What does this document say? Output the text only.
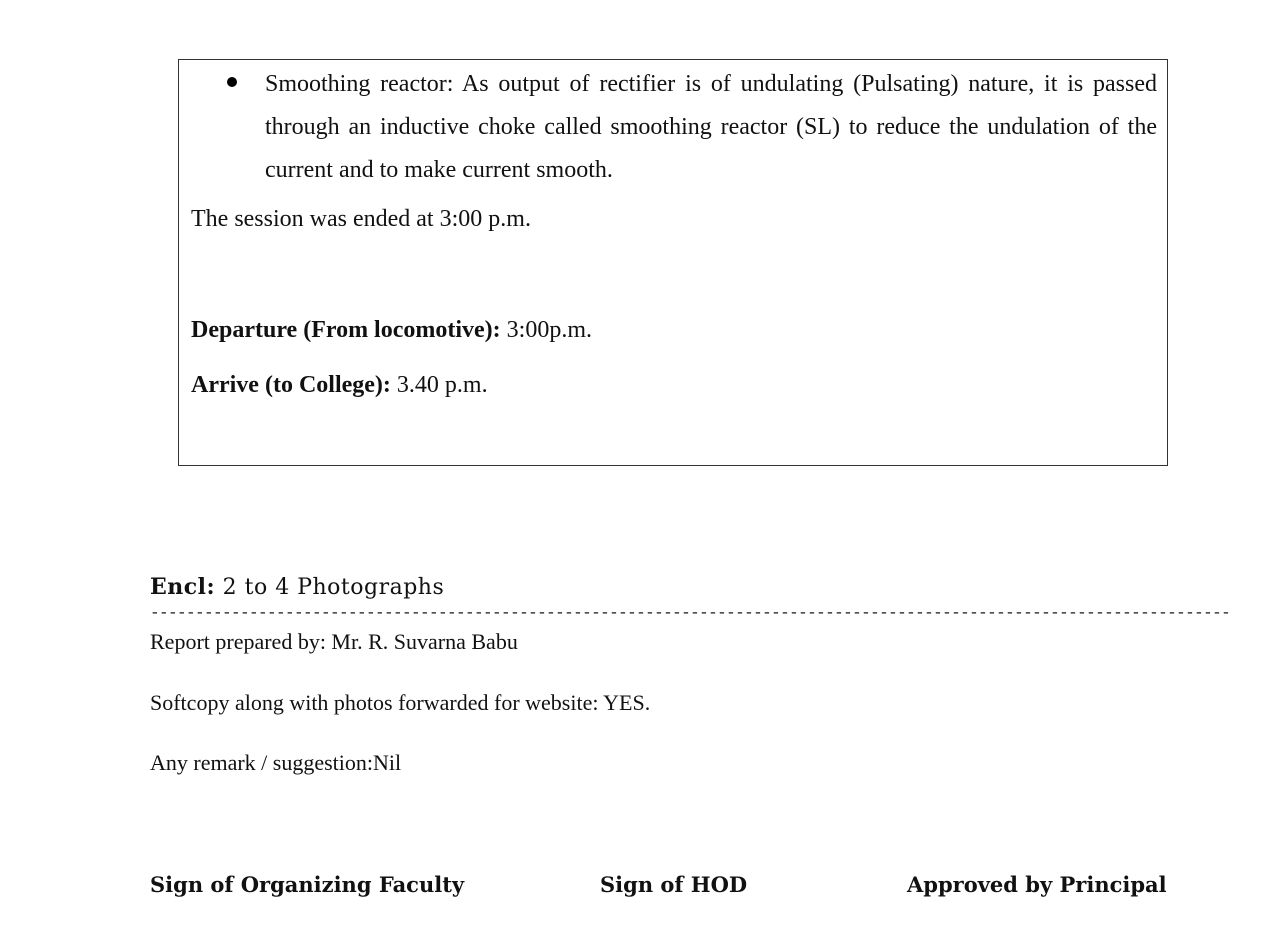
Smoothing reactor: As output of rectifier is of undulating (Pulsating) nature, it is passed through an inductive choke called smoothing reactor (SL) to reduce the undulation of the current and to make current smooth.
The session was ended at 3:00 p.m.
Departure (From locomotive): 3:00p.m.
Arrive (to College): 3.40 p.m.
Encl: 2 to 4 Photographs
------------------------------------------------------------------------------------------------------------------------
Report prepared by: Mr. R. Suvarna Babu
Softcopy along with photos forwarded for website: YES.
Any remark / suggestion:Nil
Sign of Organizing Faculty	Sign of HOD	Approved by Principal
